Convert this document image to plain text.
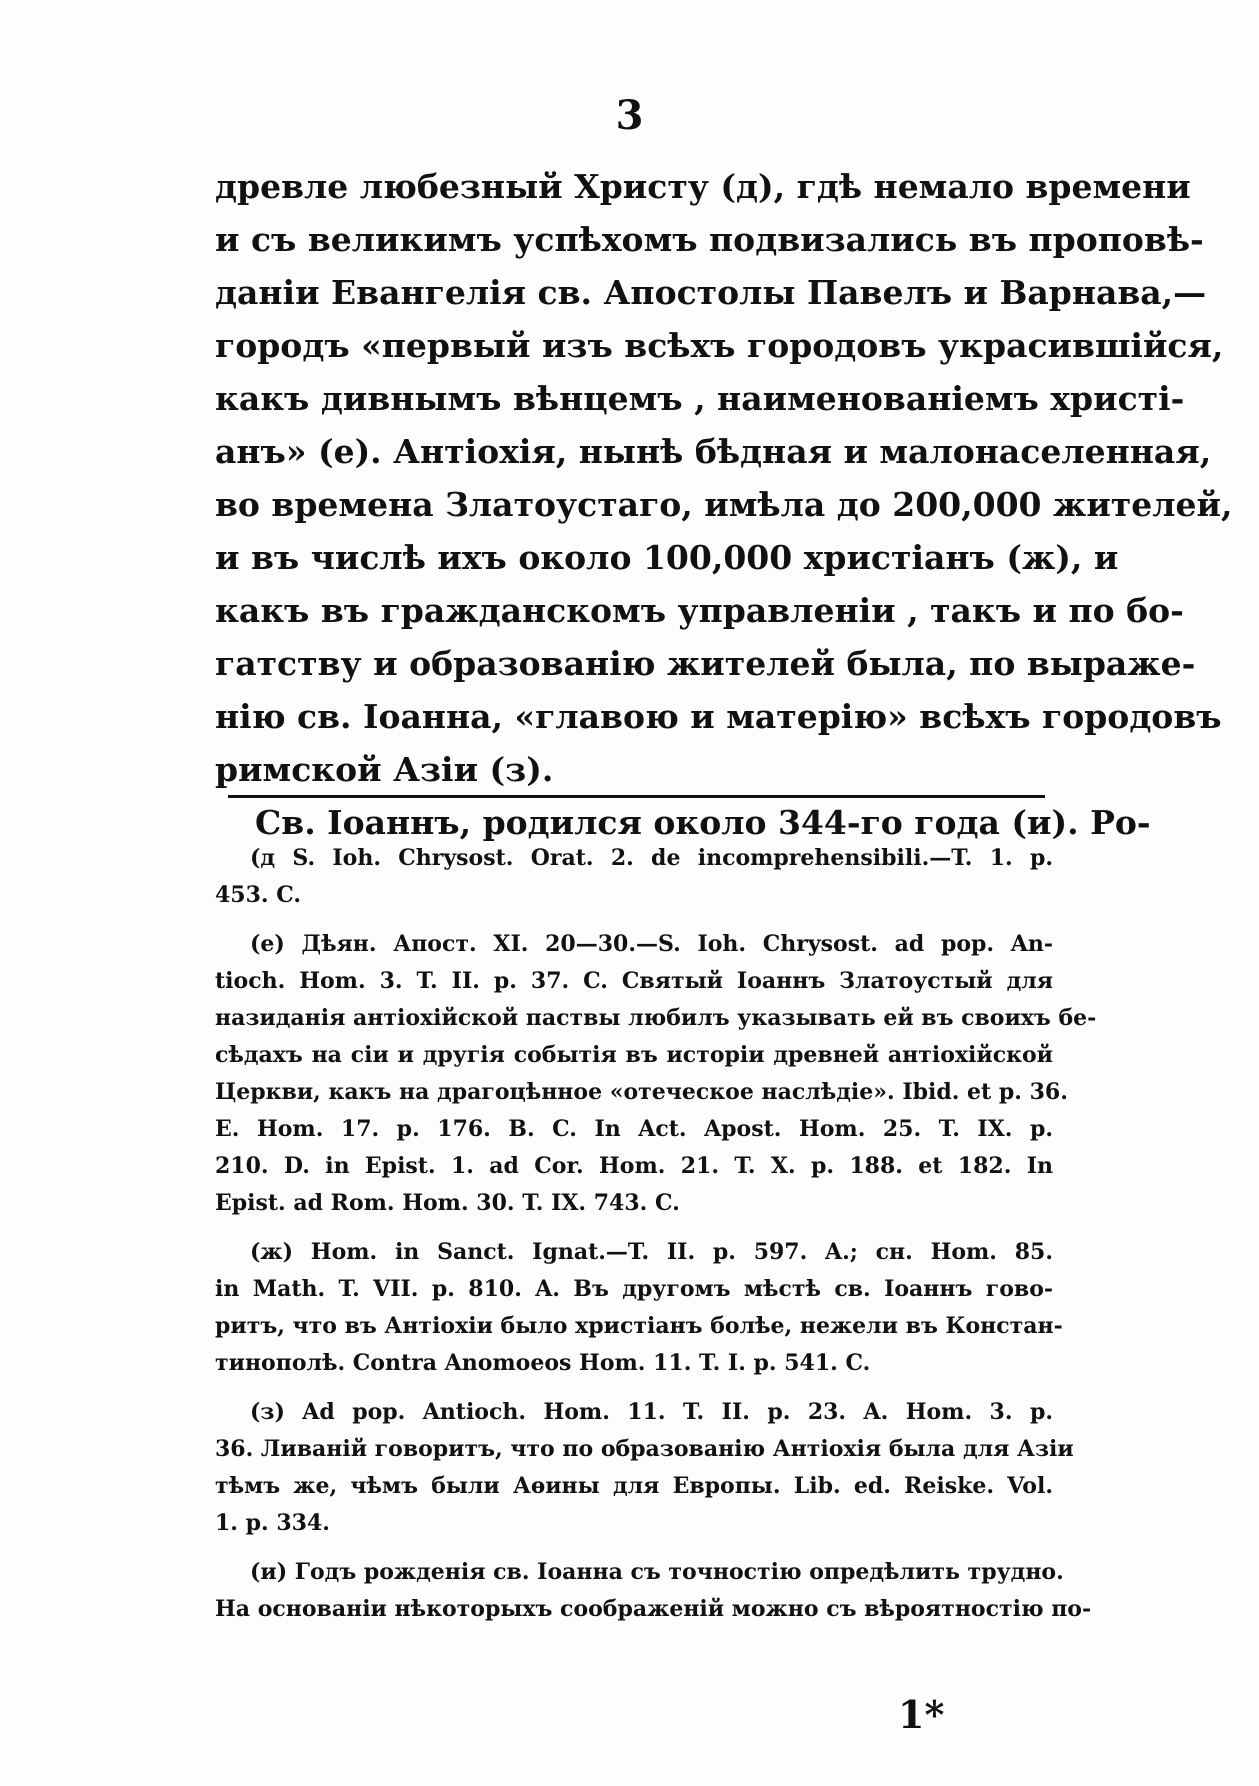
3
древле любезный Христу (д), гдѣ немало времени
и съ великимъ успѣхомъ подвизались въ проповѣ-
даніи Евангелія св. Апостолы Павелъ и Варнава,—
городъ «первый изъ всѣхъ городовъ украсившійся,
какъ дивнымъ вѣнцемъ , наименованіемъ христі-
анъ» (е). Антіохія, нынѣ бѣдная и малонаселенная,
во времена Златоустаго, имѣла до 200,000 жителей,
и въ числѣ ихъ около 100,000 христіанъ (ж), и
какъ въ гражданскомъ управленіи , такъ и по бо-
гатству и образованію жителей была, по выраже-
нію св. Іоанна, «главою и матерію» всѣхъ городовъ
римской Азіи (з).
Св. Іоаннъ, родился около 344-го года (и). Ро-
(д S. Ioh. Chrysost. Orat. 2. de incomprehensibili.—T. 1. p.
453. C.
(е) Дѣян. Апост. XI. 20—30.—S. Ioh. Chrysost. ad pop. An-
tioch. Hom. 3. T. II. p. 37. C. Святый Іоаннъ Златоустый для
назиданія антіохійской паствы любилъ указывать ей въ своихъ бе-
сѣдахъ на сіи и другія событія въ исторіи древней антіохійской
Церкви, какъ на драгоцѣнное «отеческое наслѣдіе». Ibid. et p. 36.
E. Hom. 17. p. 176. B. C. In Act. Apost. Hom. 25. T. IX. p.
210. D. in Epist. 1. ad Cor. Hom. 21. T. X. p. 188. et 182. In
Epist. ad Rom. Hom. 30. T. IX. 743. C.
(ж) Hom. in Sanct. Ignat.—T. II. p. 597. A.; сн. Hom. 85.
in Math. T. VII. p. 810. A. Въ другомъ мѣстѣ св. Іоаннъ гово-
ритъ, что въ Антіохіи было христіанъ болѣе, нежели въ Констан-
тинополѣ. Contra Anomoeos Hom. 11. T. I. p. 541. C.
(з) Ad pop. Antioch. Hom. 11. T. II. p. 23. A. Hom. 3. p.
36. Ливаній говоритъ, что по образованію Антіохія была для Азіи
тѣмъ же, чѣмъ были Аѳины для Европы. Lib. ed. Reiske. Vol.
1. p. 334.
(и) Годъ рожденія св. Іоанна съ точностію опредѣлить трудно.
На основаніи нѣкоторыхъ соображеній можно съ вѣроятностію по-
1*
